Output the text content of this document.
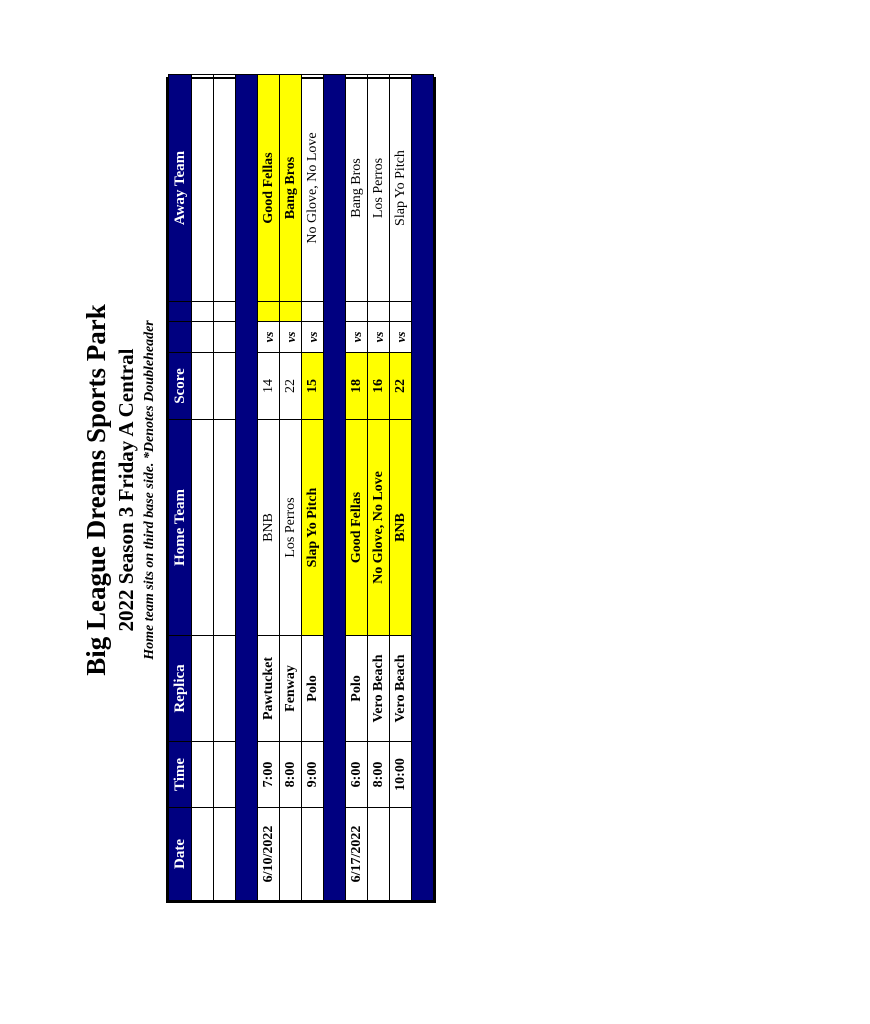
Big League Dreams Sports Park 2022 Season 3 Friday A Central Home team sits on third base side. *Denotes Doubleheader
Date	Time	Replica	Home Team	Score			Away Team

6/10/2022	7:00	Pawtucket	BNB	14	vs		Good Fellas
	8:00	Fenway	Los Perros	22	vs		Bang Bros
	9:00	Polo	Slap Yo Pitch	15	vs		No Glove, No Love

6/17/2022	6:00	Polo	Good Fellas	18	vs		Bang Bros
	8:00	Vero Beach	No Glove, No Love	16	vs		Los Perros
	10:00	Vero Beach	BNB	22	vs		Slap Yo Pitch
